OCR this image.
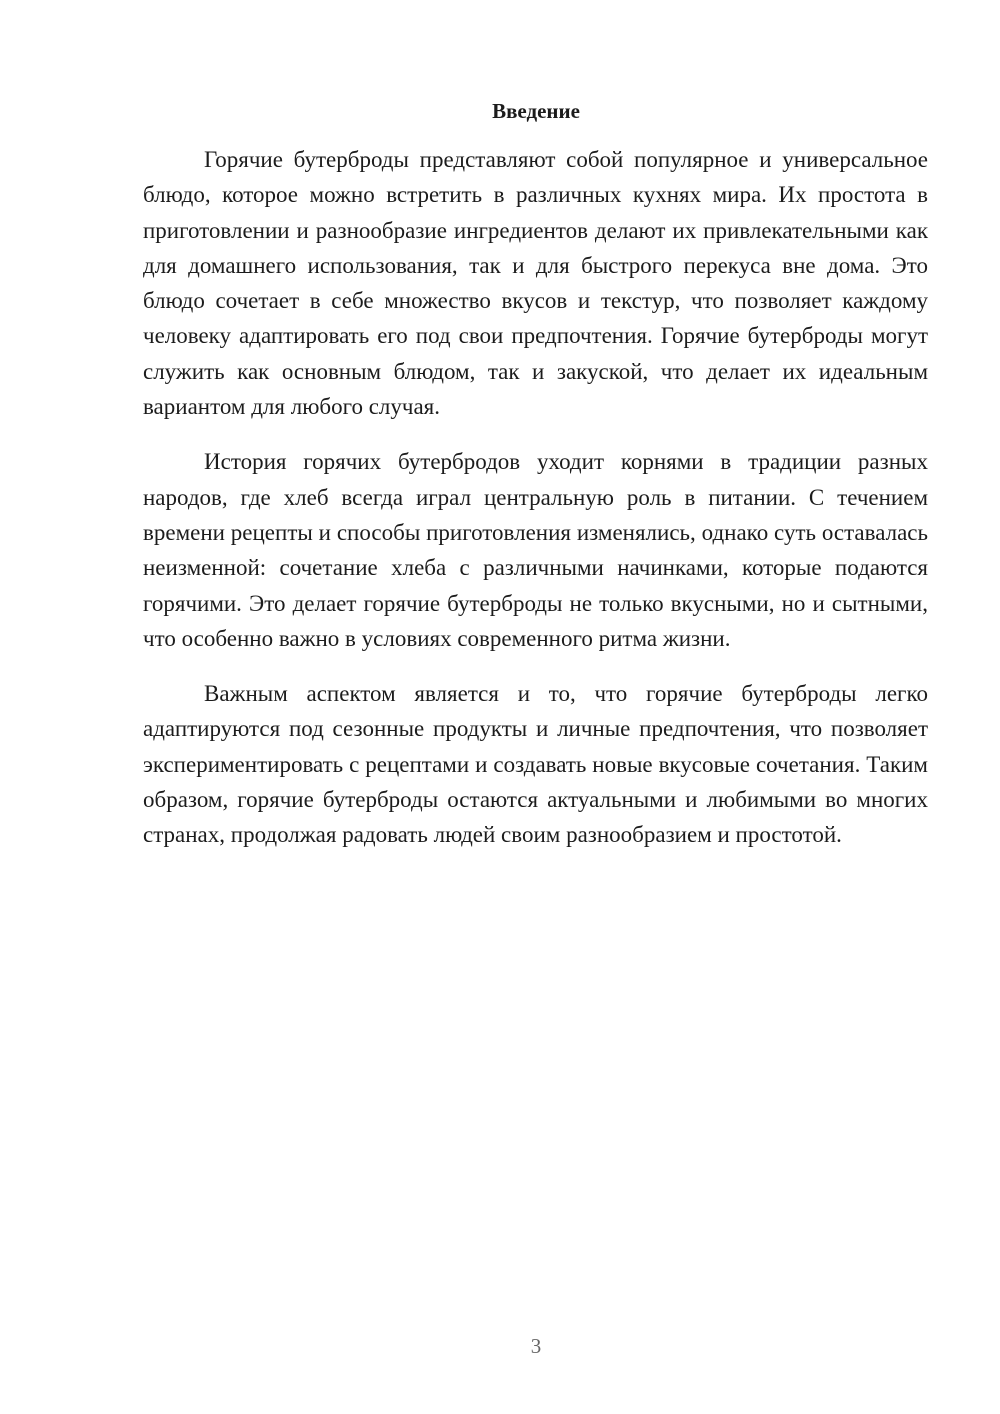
Введение

Горячие бутерброды представляют собой популярное и универсальное блюдо, которое можно встретить в различных кухнях мира. Их простота в приготовлении и разнообразие ингредиентов делают их привлекательными как для домашнего использования, так и для быстрого перекуса вне дома. Это блюдо сочетает в себе множество вкусов и текстур, что позволяет каждому человеку адаптировать его под свои предпочтения. Горячие бутерброды могут служить как основным блюдом, так и закуской, что делает их идеальным вариантом для любого случая.

История горячих бутербродов уходит корнями в традиции разных народов, где хлеб всегда играл центральную роль в питании. С течением времени рецепты и способы приготовления изменялись, однако суть оставалась неизменной: сочетание хлеба с различными начинками, которые подаются горячими. Это делает горячие бутерброды не только вкусными, но и сытными, что особенно важно в условиях современного ритма жизни.

Важным аспектом является и то, что горячие бутерброды легко адаптируются под сезонные продукты и личные предпочтения, что позволяет экспериментировать с рецептами и создавать новые вкусовые сочетания. Таким образом, горячие бутерброды остаются актуальными и любимыми во многих странах, продолжая радовать людей своим разнообразием и простотой.

3
